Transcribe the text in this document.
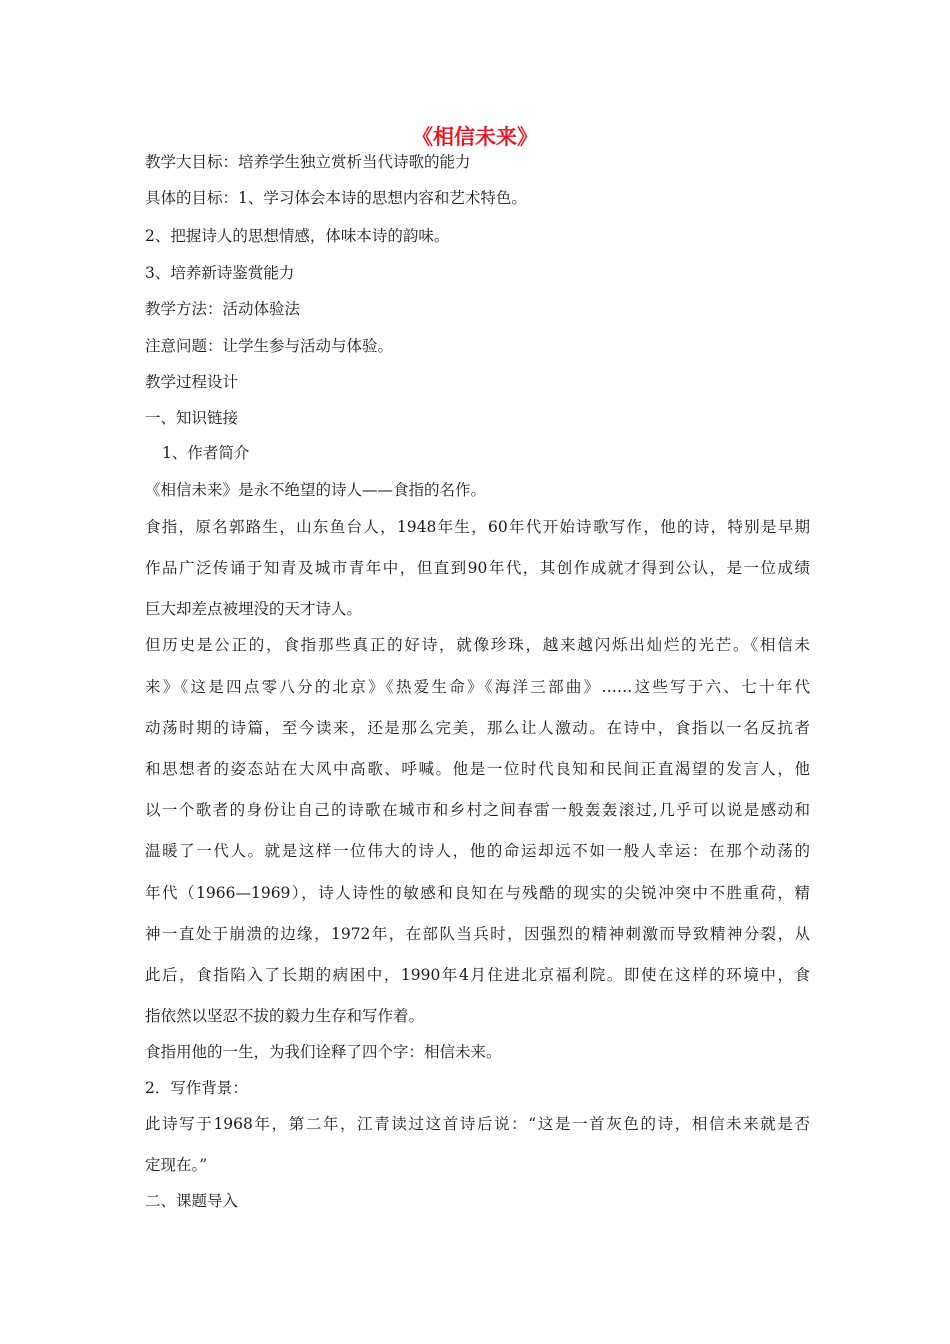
《相信未来》
教学大目标：培养学生独立赏析当代诗歌的能力
具体的目标：1、学习体会本诗的思想内容和艺术特色。
2、把握诗人的思想情感，体味本诗的韵味。
3、培养新诗鉴赏能力
教学方法：活动体验法
注意问题：让学生参与活动与体验。
教学过程设计
一、知识链接
1、作者简介
《相信未来》是永不绝望的诗人——食指的名作。
食指，原名郭路生，山东鱼台人，1948年生，60年代开始诗歌写作，他的诗，特别是早期
作品广泛传诵于知青及城市青年中，但直到90年代，其创作成就才得到公认，是一位成绩
巨大却差点被埋没的天才诗人。
但历史是公正的，食指那些真正的好诗，就像珍珠，越来越闪烁出灿烂的光芒。《相信未
来》《这是四点零八分的北京》《热爱生命》《海洋三部曲》……这些写于六、七十年代
动荡时期的诗篇，至今读来，还是那么完美，那么让人激动。在诗中，食指以一名反抗者
和思想者的姿态站在大风中高歌、呼喊。他是一位时代良知和民间正直渴望的发言人，他
以一个歌者的身份让自己的诗歌在城市和乡村之间春雷一般轰轰滚过,几乎可以说是感动和
温暖了一代人。就是这样一位伟大的诗人，他的命运却远不如一般人幸运：在那个动荡的
年代（1966—1969），诗人诗性的敏感和良知在与残酷的现实的尖锐冲突中不胜重荷，精
神一直处于崩溃的边缘，1972年，在部队当兵时，因强烈的精神刺激而导致精神分裂，从
此后，食指陷入了长期的病困中，1990年4月住进北京福利院。即使在这样的环境中，食
指依然以坚忍不拔的毅力生存和写作着。
食指用他的一生，为我们诠释了四个字：相信未来。
2．写作背景：
此诗写于1968年，第二年，江青读过这首诗后说：“这是一首灰色的诗，相信未来就是否
定现在。”
二、课题导入
